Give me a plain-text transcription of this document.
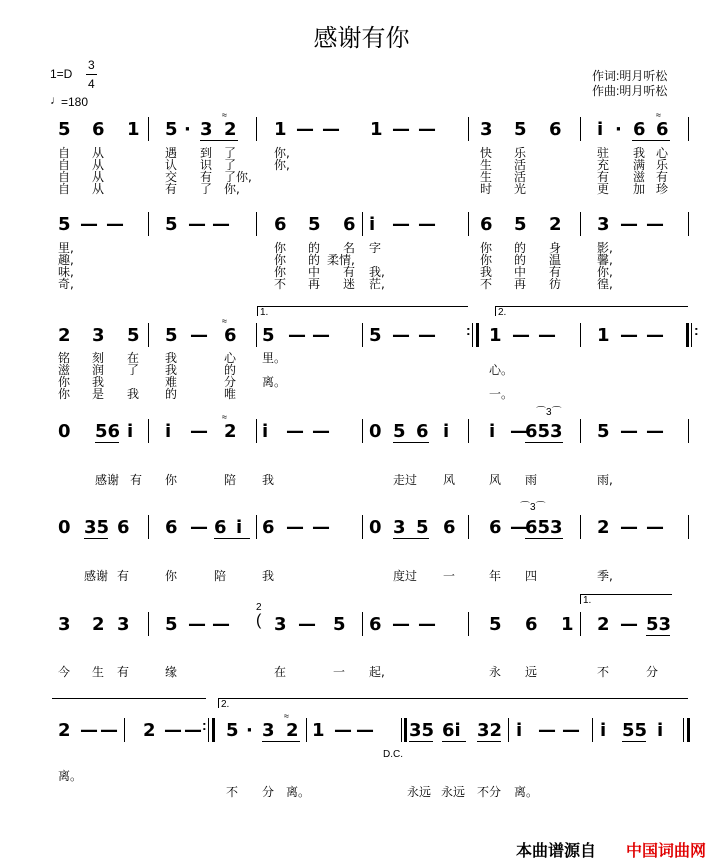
感谢有你
1=D
3
4
♩ =180
作词:明月听松
作曲:明月听松
5 6 1 5 · 3 2
≈
1 — — 1 — — 3 5 6 i · 6 6
≈
自 从	遇 到 了	你,	快 乐	驻 我 心
自 从	认 识 了	你,	生 活	充 满 乐
自 从	交 有 了 你,	生 活	有 滋 有
自 从	有 了 你,	时 光	更 加 珍
5 — — 5 — — 6 5 6 i — — 6 5 2 3 — —
里,	你 的 名 字	你 的 身	影,
趣,	你 的 柔 情,	你 的 温	馨,
味,	你 中 有 我,	我 中 有	你,
奇,	不 再 迷 茫,	不 再 彷	徨,
1.	2.
2 3 5 5 — 6
≈
5 — — 5 — — : 1 — — 1 — — :
铭 刻 在 我	心 里。
滋 润 了 我	的	心。
你 我	难	分 离。
你 是 我 的	唯	一。
⌒3⌒
0 56 i i — 2
≈
i — — 0 5 6 i i —
653 5 — —
感谢 有 你	陪 我	走过 风	风 雨	雨,
⌒3⌒
0 35 6 6 — 6 i 6 — — 0 3 5 6 6 —
653 2 — —
感谢 有	你	陪	我	度过 一	年 四	季,
1.
2
3 2 3 5 — — ( 3 — 5 6 — —	5 6 1 2 — 53
今 生 有	缘	在	一 起,	永 远	不	分
2.
2 — — 2 — — : 5 · 3 2
≈
1 — —
D.C.
35 6i 32 i — — i 55 i
离。
不 分 离。	永远 永远 不分 离。
本曲谱源自 中国词曲网
